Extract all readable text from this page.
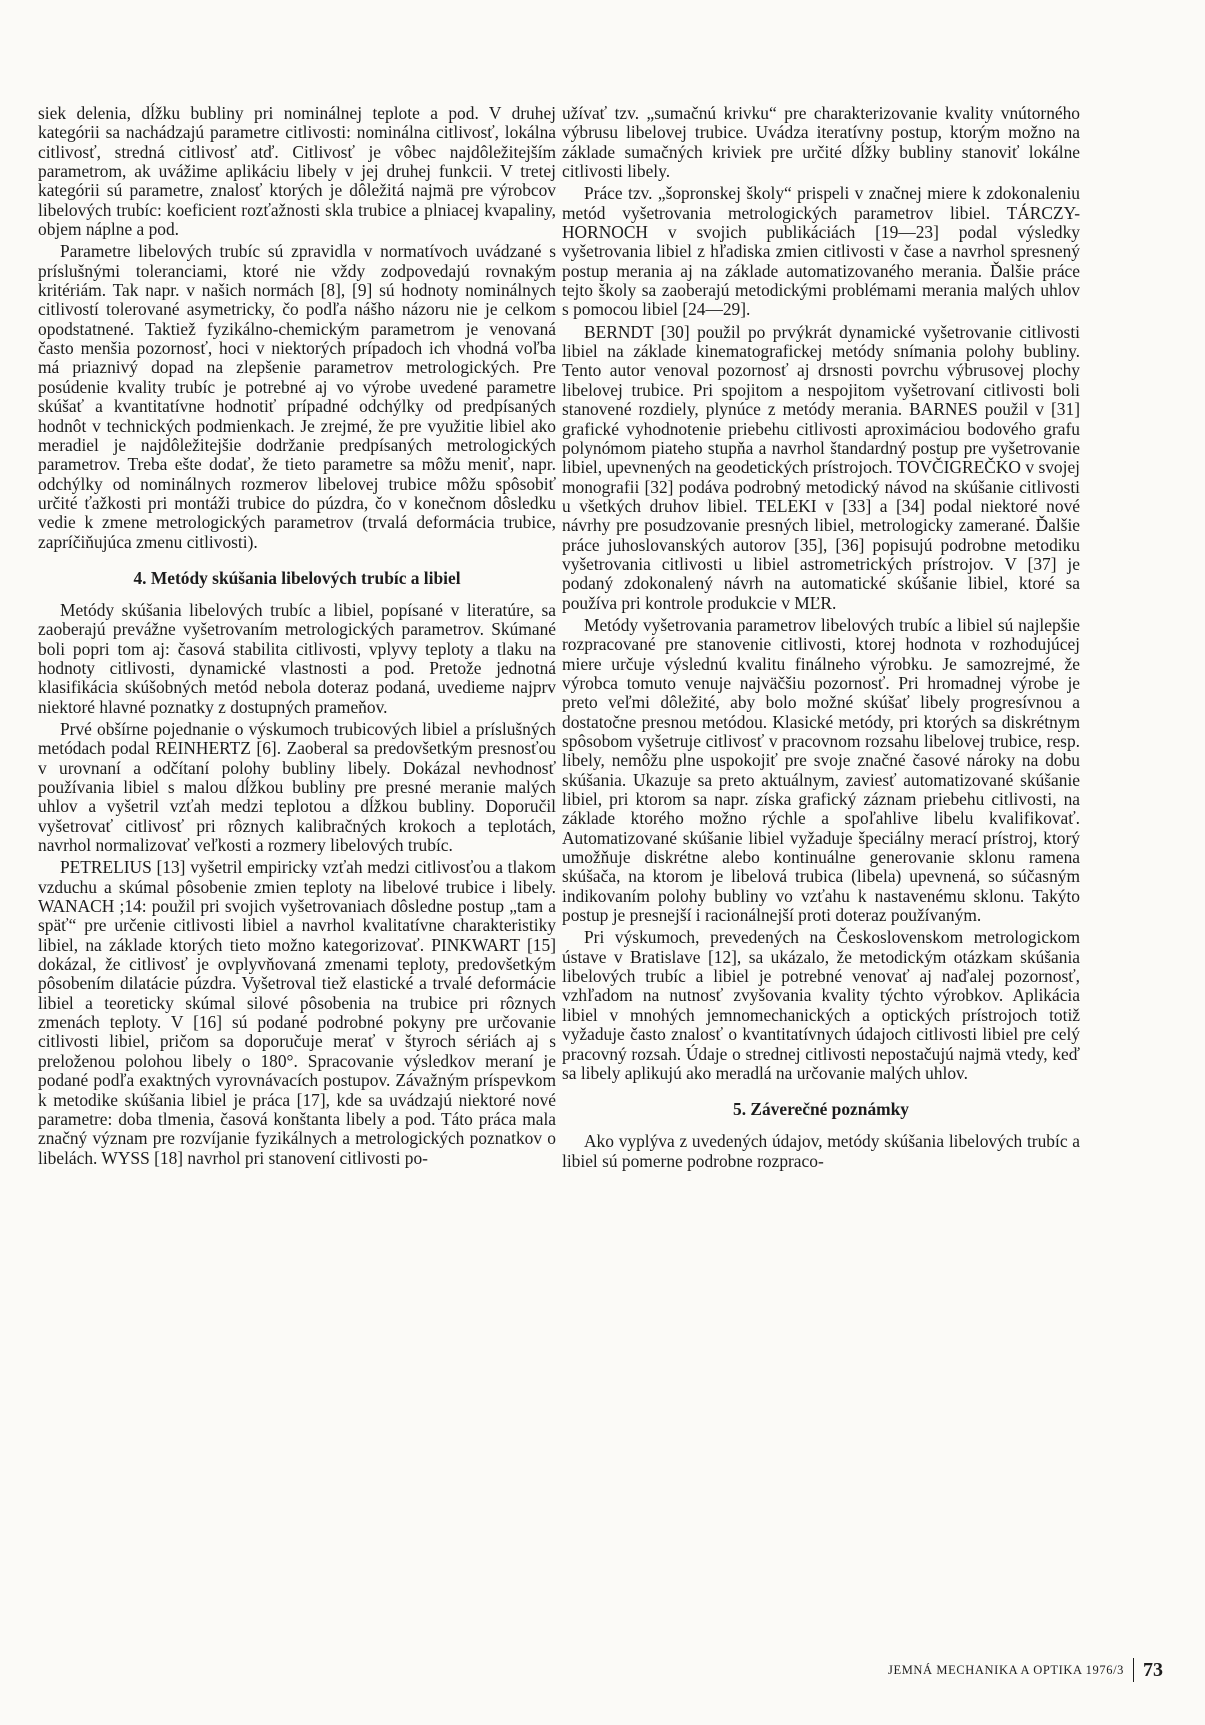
siek delenia, dĺžku bubliny pri nominálnej teplote a pod. V druhej kategórii sa nachádzajú parametre citlivosti: nominálna citlivosť, lokálna citlivosť, stredná citlivosť atď. Citlivosť je vôbec najdôležitejším parametrom, ak uvážime aplikáciu libely v jej druhej funkcii. V tretej kategórii sú parametre, znalosť ktorých je dôležitá najmä pre výrobcov libelových trubíc: koeficient rozťažnosti skla trubice a plniacej kvapaliny, objem náplne a pod.

Parametre libelových trubíc sú zpravidla v normatívoch uvádzané s príslušnými toleranciami, ktoré nie vždy zodpovedajú rovnakým kritériám. Tak napr. v našich normách [8], [9] sú hodnoty nominálnych citlivostí tolerované asymetricky, čo podľa nášho názoru nie je celkom opodstatnené. Taktiež fyzikálno-chemickým parametrom je venovaná často menšia pozornosť, hoci v niektorých prípadoch ich vhodná voľba má priaznivý dopad na zlepšenie parametrov metrologických. Pre posúdenie kvality trubíc je potrebné aj vo výrobe uvedené parametre skúšať a kvantitatívne hodnotiť prípadné odchýlky od predpísaných hodnôt v technických podmienkach. Je zrejmé, že pre využitie libiel ako meradiel je najdôležitejšie dodržanie predpísaných metrologických parametrov. Treba ešte dodať, že tieto parametre sa môžu meniť, napr. odchýlky od nominálnych rozmerov libelovej trubice môžu spôsobiť určité ťažkosti pri montáži trubice do púzdra, čo v konečnom dôsledku vedie k zmene metrologických parametrov (trvalá deformácia trubice, zapríčiňujúca zmenu citlivosti).

4. Metódy skúšania libelových trubíc a libiel

Metódy skúšania libelových trubíc a libiel, popísané v literatúre, sa zaoberajú prevážne vyšetrovaním metrologických parametrov. Skúmané boli popri tom aj: časová stabilita citlivosti, vplyvy teploty a tlaku na hodnoty citlivosti, dynamické vlastnosti a pod. Pretože jednotná klasifikácia skúšobných metód nebola doteraz podaná, uvedieme najprv niektoré hlavné poznatky z dostupných prameňov.

Prvé obšírne pojednanie o výskumoch trubicových libiel a príslušných metódach podal REINHERTZ [6]. Zaoberal sa predovšetkým presnosťou v urovnaní a odčítaní polohy bubliny libely. Dokázal nevhodnosť používania libiel s malou dĺžkou bubliny pre presné meranie malých uhlov a vyšetril vzťah medzi teplotou a dĺžkou bubliny. Doporučil vyšetrovať citlivosť pri rôznych kalibračných krokoch a teplotách, navrhol normalizovať veľkosti a rozmery libelových trubíc.

PETRELIUS [13] vyšetril empiricky vzťah medzi citlivosťou a tlakom vzduchu a skúmal pôsobenie zmien teploty na libelové trubice i libely. WANACH ;14: použil pri svojich vyšetrovaniach dôsledne postup „tam a späť“ pre určenie citlivosti libiel a navrhol kvalitatívne charakteristiky libiel, na základe ktorých tieto možno kategorizovať. PINKWART [15] dokázal, že citlivosť je ovplyvňovaná zmenami teploty, predovšetkým pôsobením dilatácie púzdra. Vyšetroval tiež elastické a trvalé deformácie libiel a teoreticky skúmal silové pôsobenia na trubice pri rôznych zmenách teploty. V [16] sú podané podrobné pokyny pre určovanie citlivosti libiel, pričom sa doporučuje merať v štyroch sériách aj s preloženou polohou libely o 180°. Spracovanie výsledkov meraní je podané podľa exaktných vyrovnávacích postupov. Závažným príspevkom k metodike skúšania libiel je práca [17], kde sa uvádzajú niektoré nové parametre: doba tlmenia, časová konštanta libely a pod. Táto práca mala značný význam pre rozvíjanie fyzikálnych a metrologických poznatkov o libelách. WYSS [18] navrhol pri stanovení citlivosti po-

užívať tzv. „sumačnú krivku“ pre charakterizovanie kvality vnútorného výbrusu libelovej trubice. Uvádza iteratívny postup, ktorým možno na základe sumačných kriviek pre určité dĺžky bubliny stanoviť lokálne citlivosti libely.

Práce tzv. „šopronskej školy“ prispeli v značnej miere k zdokonaleniu metód vyšetrovania metrologických parametrov libiel. TÁRCZY-HORNOCH v svojich publikáciách [19—23] podal výsledky vyšetrovania libiel z hľadiska zmien citlivosti v čase a navrhol spresnený postup merania aj na základe automatizovaného merania. Ďalšie práce tejto školy sa zaoberajú metodickými problémami merania malých uhlov s pomocou libiel [24—29].

BERNDT [30] použil po prvýkrát dynamické vyšetrovanie citlivosti libiel na základe kinematografickej metódy snímania polohy bubliny. Tento autor venoval pozornosť aj drsnosti povrchu výbrusovej plochy libelovej trubice. Pri spojitom a nespojitom vyšetrovaní citlivosti boli stanovené rozdiely, plynúce z metódy merania. BARNES použil v [31] grafické vyhodnotenie priebehu citlivosti aproximáciou bodového grafu polynómom piateho stupňa a navrhol štandardný postup pre vyšetrovanie libiel, upevnených na geodetických prístrojoch. TOVČIGREČKO v svojej monografii [32] podáva podrobný metodický návod na skúšanie citlivosti u všetkých druhov libiel. TELEKI v [33] a [34] podal niektoré nové návrhy pre posudzovanie presných libiel, metrologicky zamerané. Ďalšie práce juhoslovanských autorov [35], [36] popisujú podrobne metodiku vyšetrovania citlivosti u libiel astrometrických prístrojov. V [37] je podaný zdokonalený návrh na automatické skúšanie libiel, ktoré sa používa pri kontrole produkcie v MĽR.

Metódy vyšetrovania parametrov libelových trubíc a libiel sú najlepšie rozpracované pre stanovenie citlivosti, ktorej hodnota v rozhodujúcej miere určuje výslednú kvalitu finálneho výrobku. Je samozrejmé, že výrobca tomuto venuje najväčšiu pozornosť. Pri hromadnej výrobe je preto veľmi dôležité, aby bolo možné skúšať libely progresívnou a dostatočne presnou metódou. Klasické metódy, pri ktorých sa diskrétnym spôsobom vyšetruje citlivosť v pracovnom rozsahu libelovej trubice, resp. libely, nemôžu plne uspokojiť pre svoje značné časové nároky na dobu skúšania. Ukazuje sa preto aktuálnym, zaviesť automatizované skúšanie libiel, pri ktorom sa napr. získa grafický záznam priebehu citlivosti, na základe ktorého možno rýchle a spoľahlive libelu kvalifikovať. Automatizované skúšanie libiel vyžaduje špeciálny merací prístroj, ktorý umožňuje diskrétne alebo kontinuálne generovanie sklonu ramena skúšača, na ktorom je libelová trubica (libela) upevnená, so súčasným indikovaním polohy bubliny vo vzťahu k nastavenému sklonu. Takýto postup je presnejší i racionálnejší proti doteraz používaným.

Pri výskumoch, prevedených na Československom metrologickom ústave v Bratislave [12], sa ukázalo, že metodickým otázkam skúšania libelových trubíc a libiel je potrebné venovať aj naďalej pozornosť, vzhľadom na nutnosť zvyšovania kvality týchto výrobkov. Aplikácia libiel v mnohých jemnomechanických a optických prístrojoch totiž vyžaduje často znalosť o kvantitatívnych údajoch citlivosti libiel pre celý pracovný rozsah. Údaje o strednej citlivosti nepostačujú najmä vtedy, keď sa libely aplikujú ako meradlá na určovanie malých uhlov.

5. Záverečné poznámky

Ako vyplýva z uvedených údajov, metódy skúšania libelových trubíc a libiel sú pomerne podrobne rozpraco-

JEMNÁ MECHANIKA A OPTIKA 1976/3 73
